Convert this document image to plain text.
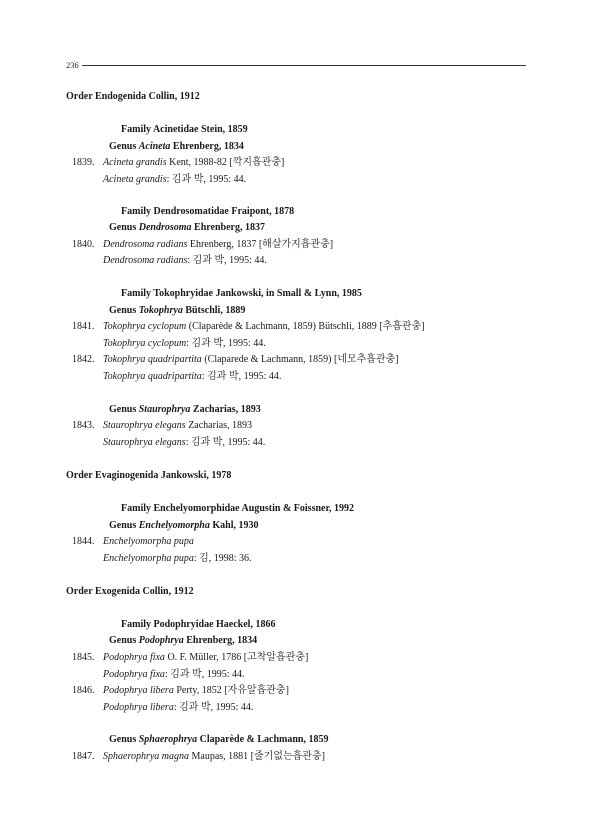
236
Order Endogenida Collin, 1912
Family Acinetidae Stein, 1859
Genus Acineta Ehrenberg, 1834
1839. Acineta grandis Kent, 1988-82 [깍지흡관충]
Acineta grandis: 김과 박, 1995: 44.
Family Dendrosomatidae Fraipont, 1878
Genus Dendrosoma Ehrenberg, 1837
1840. Dendrosoma radians Ehrenberg, 1837 [해살가지흡관충]
Dendrosoma radians: 김과 박, 1995: 44.
Family Tokophryidae Jankowski, in Small & Lynn, 1985
Genus Tokophrya Bütschli, 1889
1841. Tokophrya cyclopum (Claparède & Lachmann, 1859) Bütschli, 1889 [추흡관충]
Tokophrya cyclopum: 김과 박, 1995: 44.
1842. Tokophrya quadripartita (Claparede & Lachmann, 1859) [네모추흡관충]
Tokophrya quadripartita: 김과 박, 1995: 44.
Genus Staurophrya Zacharias, 1893
1843. Staurophrya elegans Zacharias, 1893
Staurophrya elegans: 김과 박, 1995: 44.
Order Evaginogenida Jankowski, 1978
Family Enchelyomorphidae Augustin & Foissner, 1992
Genus Enchelyomorpha Kahl, 1930
1844. Enchelyomorpha pupa
Enchelyomorpha pupa: 김, 1998: 36.
Order Exogenida Collin, 1912
Family Podophryidae Haeckel, 1866
Genus Podophrya Ehrenberg, 1834
1845. Podophrya fixa O. F. Müller, 1786 [고착알흡관충]
Podophrya fixa: 김과 박, 1995: 44.
1846. Podophrya libera Perty, 1852 [자유알흡관충]
Podophrya libera: 김과 박, 1995: 44.
Genus Sphaerophrya Claparède & Lachmann, 1859
1847. Sphaerophrya magna Maupas, 1881 [줄기없는흡관충]
